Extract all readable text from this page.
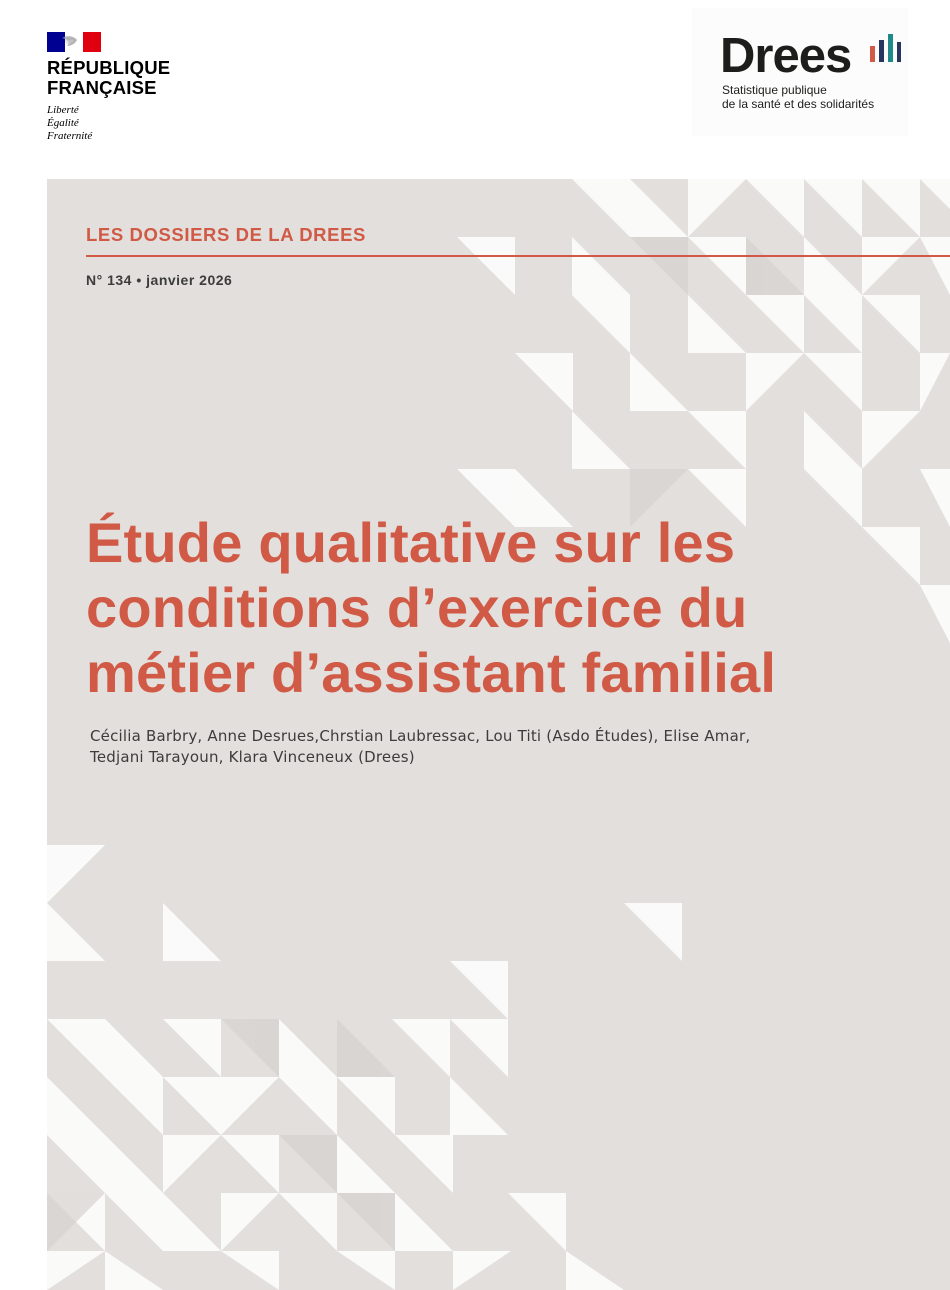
RÉPUBLIQUE
FRANÇAISE
Liberté
Égalité
Fraternité
Drees
Statistique publique
de la santé et des solidarités
LES DOSSIERS DE LA DREES
N° 134 • janvier 2026
Étude qualitative sur les
conditions d’exercice du
métier d’assistant familial
Cécilia Barbry, Anne Desrues,Chrstian Laubressac, Lou Titi (Asdo Études), Elise Amar,
Tedjani Tarayoun, Klara Vinceneux (Drees)
